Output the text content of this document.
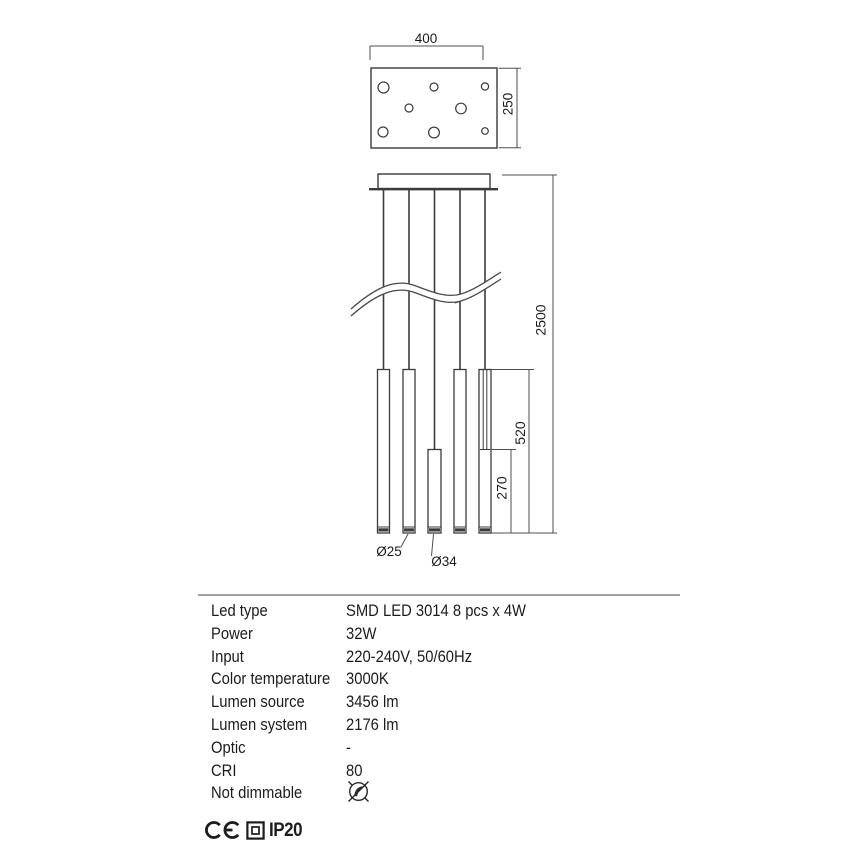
400
250
2500
520
270
Ø25
Ø34
Led type	SMD LED 3014 8 pcs x 4W
Power	32W
Input	220-240V, 50/60Hz
Color temperature 3000K
Lumen source	3456 lm
Lumen system	2176 lm
Optic	-
CRI	80
Not dimmable
IP20
